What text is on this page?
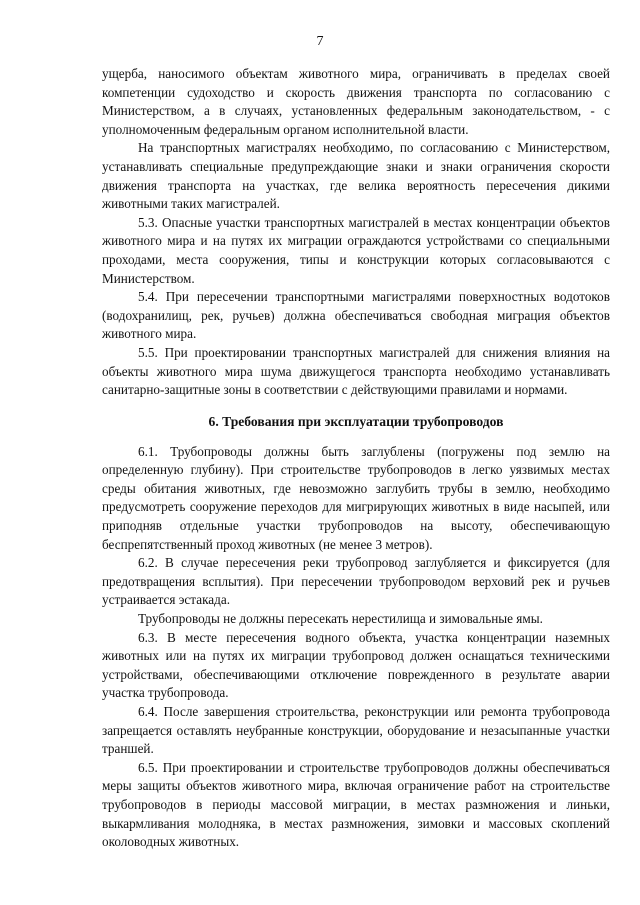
7

ущерба, наносимого объектам животного мира, ограничивать в пределах своей компетенции судоходство и скорость движения транспорта по согласованию с Министерством, а в случаях, установленных федеральным законодательством, - с уполномоченным федеральным органом исполнительной власти.

На транспортных магистралях необходимо, по согласованию с Министерством, устанавливать специальные предупреждающие знаки и знаки ограничения скорости движения транспорта на участках, где велика вероятность пересечения дикими животными таких магистралей.

5.3. Опасные участки транспортных магистралей в местах концентрации объектов животного мира и на путях их миграции ограждаются устройствами со специальными проходами, места сооружения, типы и конструкции которых согласовываются с Министерством.

5.4. При пересечении транспортными магистралями поверхностных водотоков (водохранилищ, рек, ручьев) должна обеспечиваться свободная миграция объектов животного мира.

5.5. При проектировании транспортных магистралей для снижения влияния на объекты животного мира шума движущегося транспорта необходимо устанавливать санитарно-защитные зоны в соответствии с действующими правилами и нормами.

6. Требования при эксплуатации трубопроводов

6.1. Трубопроводы должны быть заглублены (погружены под землю на определенную глубину). При строительстве трубопроводов в легко уязвимых местах среды обитания животных, где невозможно заглубить трубы в землю, необходимо предусмотреть сооружение переходов для мигрирующих животных в виде насыпей, или приподняв отдельные участки трубопроводов на высоту, обеспечивающую беспрепятственный проход животных (не менее 3 метров).

6.2. В случае пересечения реки трубопровод заглубляется и фиксируется (для предотвращения всплытия). При пересечении трубопроводом верховий рек и ручьев устраивается эстакада.

Трубопроводы не должны пересекать нерестилища и зимовальные ямы.

6.3. В месте пересечения водного объекта, участка концентрации наземных животных или на путях их миграции трубопровод должен оснащаться техническими устройствами, обеспечивающими отключение поврежденного в результате аварии участка трубопровода.

6.4. После завершения строительства, реконструкции или ремонта трубопровода запрещается оставлять неубранные конструкции, оборудование и незасыпанные участки траншей.

6.5. При проектировании и строительстве трубопроводов должны обеспечиваться меры защиты объектов животного мира, включая ограничение работ на строительстве трубопроводов в периоды массовой миграции, в местах размножения и линьки, выкармливания молодняка, в местах размножения, зимовки и массовых скоплений околоводных животных.
